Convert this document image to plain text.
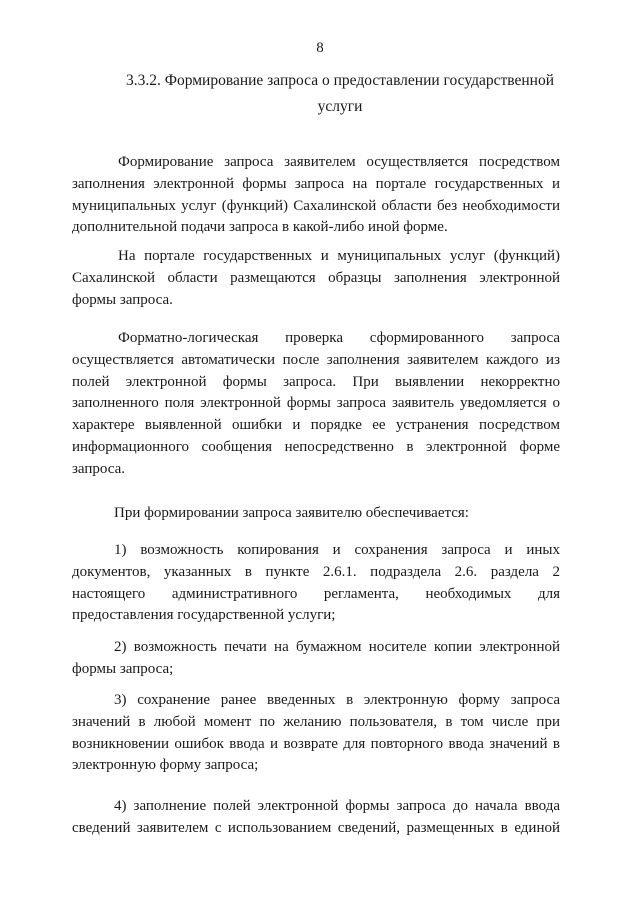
8
3.3.2. Формирование запроса о предоставлении государственной
услуги
Формирование запроса заявителем осуществляется посредством
заполнения электронной формы запроса на портале государственных и
муниципальных услуг (функций) Сахалинской области без необходимости
дополнительной подачи запроса в какой-либо иной форме.
На портале государственных и муниципальных услуг (функций)
Сахалинской области размещаются образцы заполнения электронной
формы запроса.
Форматно-логическая проверка сформированного запроса
осуществляется автоматически после заполнения заявителем каждого из
полей электронной формы запроса. При выявлении некорректно
заполненного поля электронной формы запроса заявитель уведомляется о
характере выявленной ошибки и порядке ее устранения посредством
информационного сообщения непосредственно в электронной форме
запроса.
При формировании запроса заявителю обеспечивается:
1) возможность копирования и сохранения запроса и иных
документов, указанных в пункте 2.6.1. подраздела 2.6. раздела 2
настоящего административного регламента, необходимых для
предоставления государственной услуги;
2) возможность печати на бумажном носителе копии электронной
формы запроса;
3) сохранение ранее введенных в электронную форму запроса
значений в любой момент по желанию пользователя, в том числе при
возникновении ошибок ввода и возврате для повторного ввода значений в
электронную форму запроса;
4) заполнение полей электронной формы запроса до начала ввода
сведений заявителем с использованием сведений, размещенных в единой
